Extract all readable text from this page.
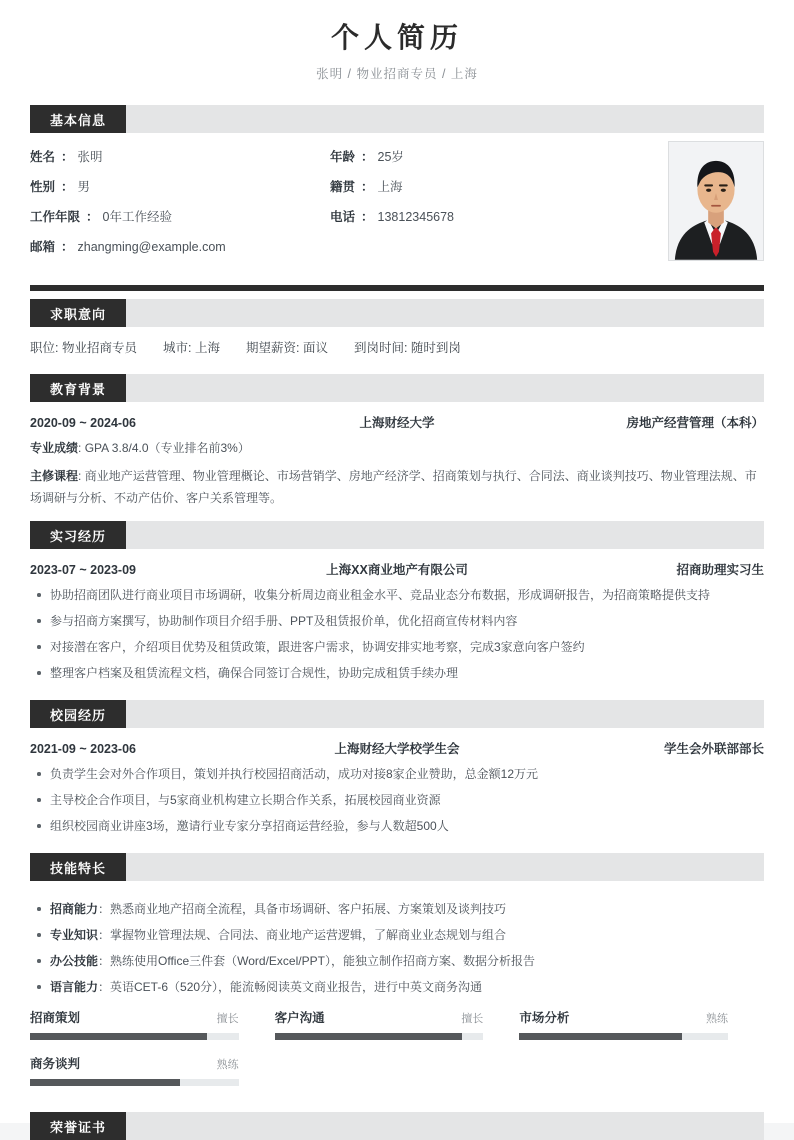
个人简历
张明 / 物业招商专员 / 上海
基本信息
姓名 ： 张明	年龄 ： 25岁
性别 ： 男	籍贯 ： 上海
工作年限 ： 0年工作经验	电话 ： 13812345678
邮箱 ： zhangming@example.com
求职意向
职位: 物业招商专员 城市: 上海 期望薪资: 面议 到岗时间: 随时到岗
教育背景
2020-09 ~ 2024-06	上海财经大学	房地产经营管理（本科）
专业成绩: GPA 3.8/4.0（专业排名前3%）
主修课程: 商业地产运营管理、物业管理概论、市场营销学、房地产经济学、招商策划与执行、合同法、商业谈判技巧、物业管理法规、市场调研与分析、不动产估价、客户关系管理等。
实习经历
2023-07 ~ 2023-09	上海XX商业地产有限公司	招商助理实习生
协助招商团队进行商业项目市场调研，收集分析周边商业租金水平、竞品业态分布数据，形成调研报告，为招商策略提供支持
参与招商方案撰写，协助制作项目介绍手册、PPT及租赁报价单，优化招商宣传材料内容
对接潜在客户，介绍项目优势及租赁政策，跟进客户需求，协调安排实地考察，完成3家意向客户签约
整理客户档案及租赁流程文档，确保合同签订合规性，协助完成租赁手续办理
校园经历
2021-09 ~ 2023-06	上海财经大学校学生会	学生会外联部部长
负责学生会对外合作项目，策划并执行校园招商活动，成功对接8家企业赞助，总金额12万元
主导校企合作项目，与5家商业机构建立长期合作关系，拓展校园商业资源
组织校园商业讲座3场，邀请行业专家分享招商运营经验，参与人数超500人
技能特长
招商能力：熟悉商业地产招商全流程，具备市场调研、客户拓展、方案策划及谈判技巧
专业知识：掌握物业管理法规、合同法、商业地产运营逻辑，了解商业业态规划与组合
办公技能：熟练使用Office三件套（Word/Excel/PPT），能独立制作招商方案、数据分析报告
语言能力：英语CET-6（520分），能流畅阅读英文商业报告，进行中英文商务沟通
招商策划	擅长	客户沟通	擅长	市场分析	熟练
商务谈判	熟练
荣誉证书
